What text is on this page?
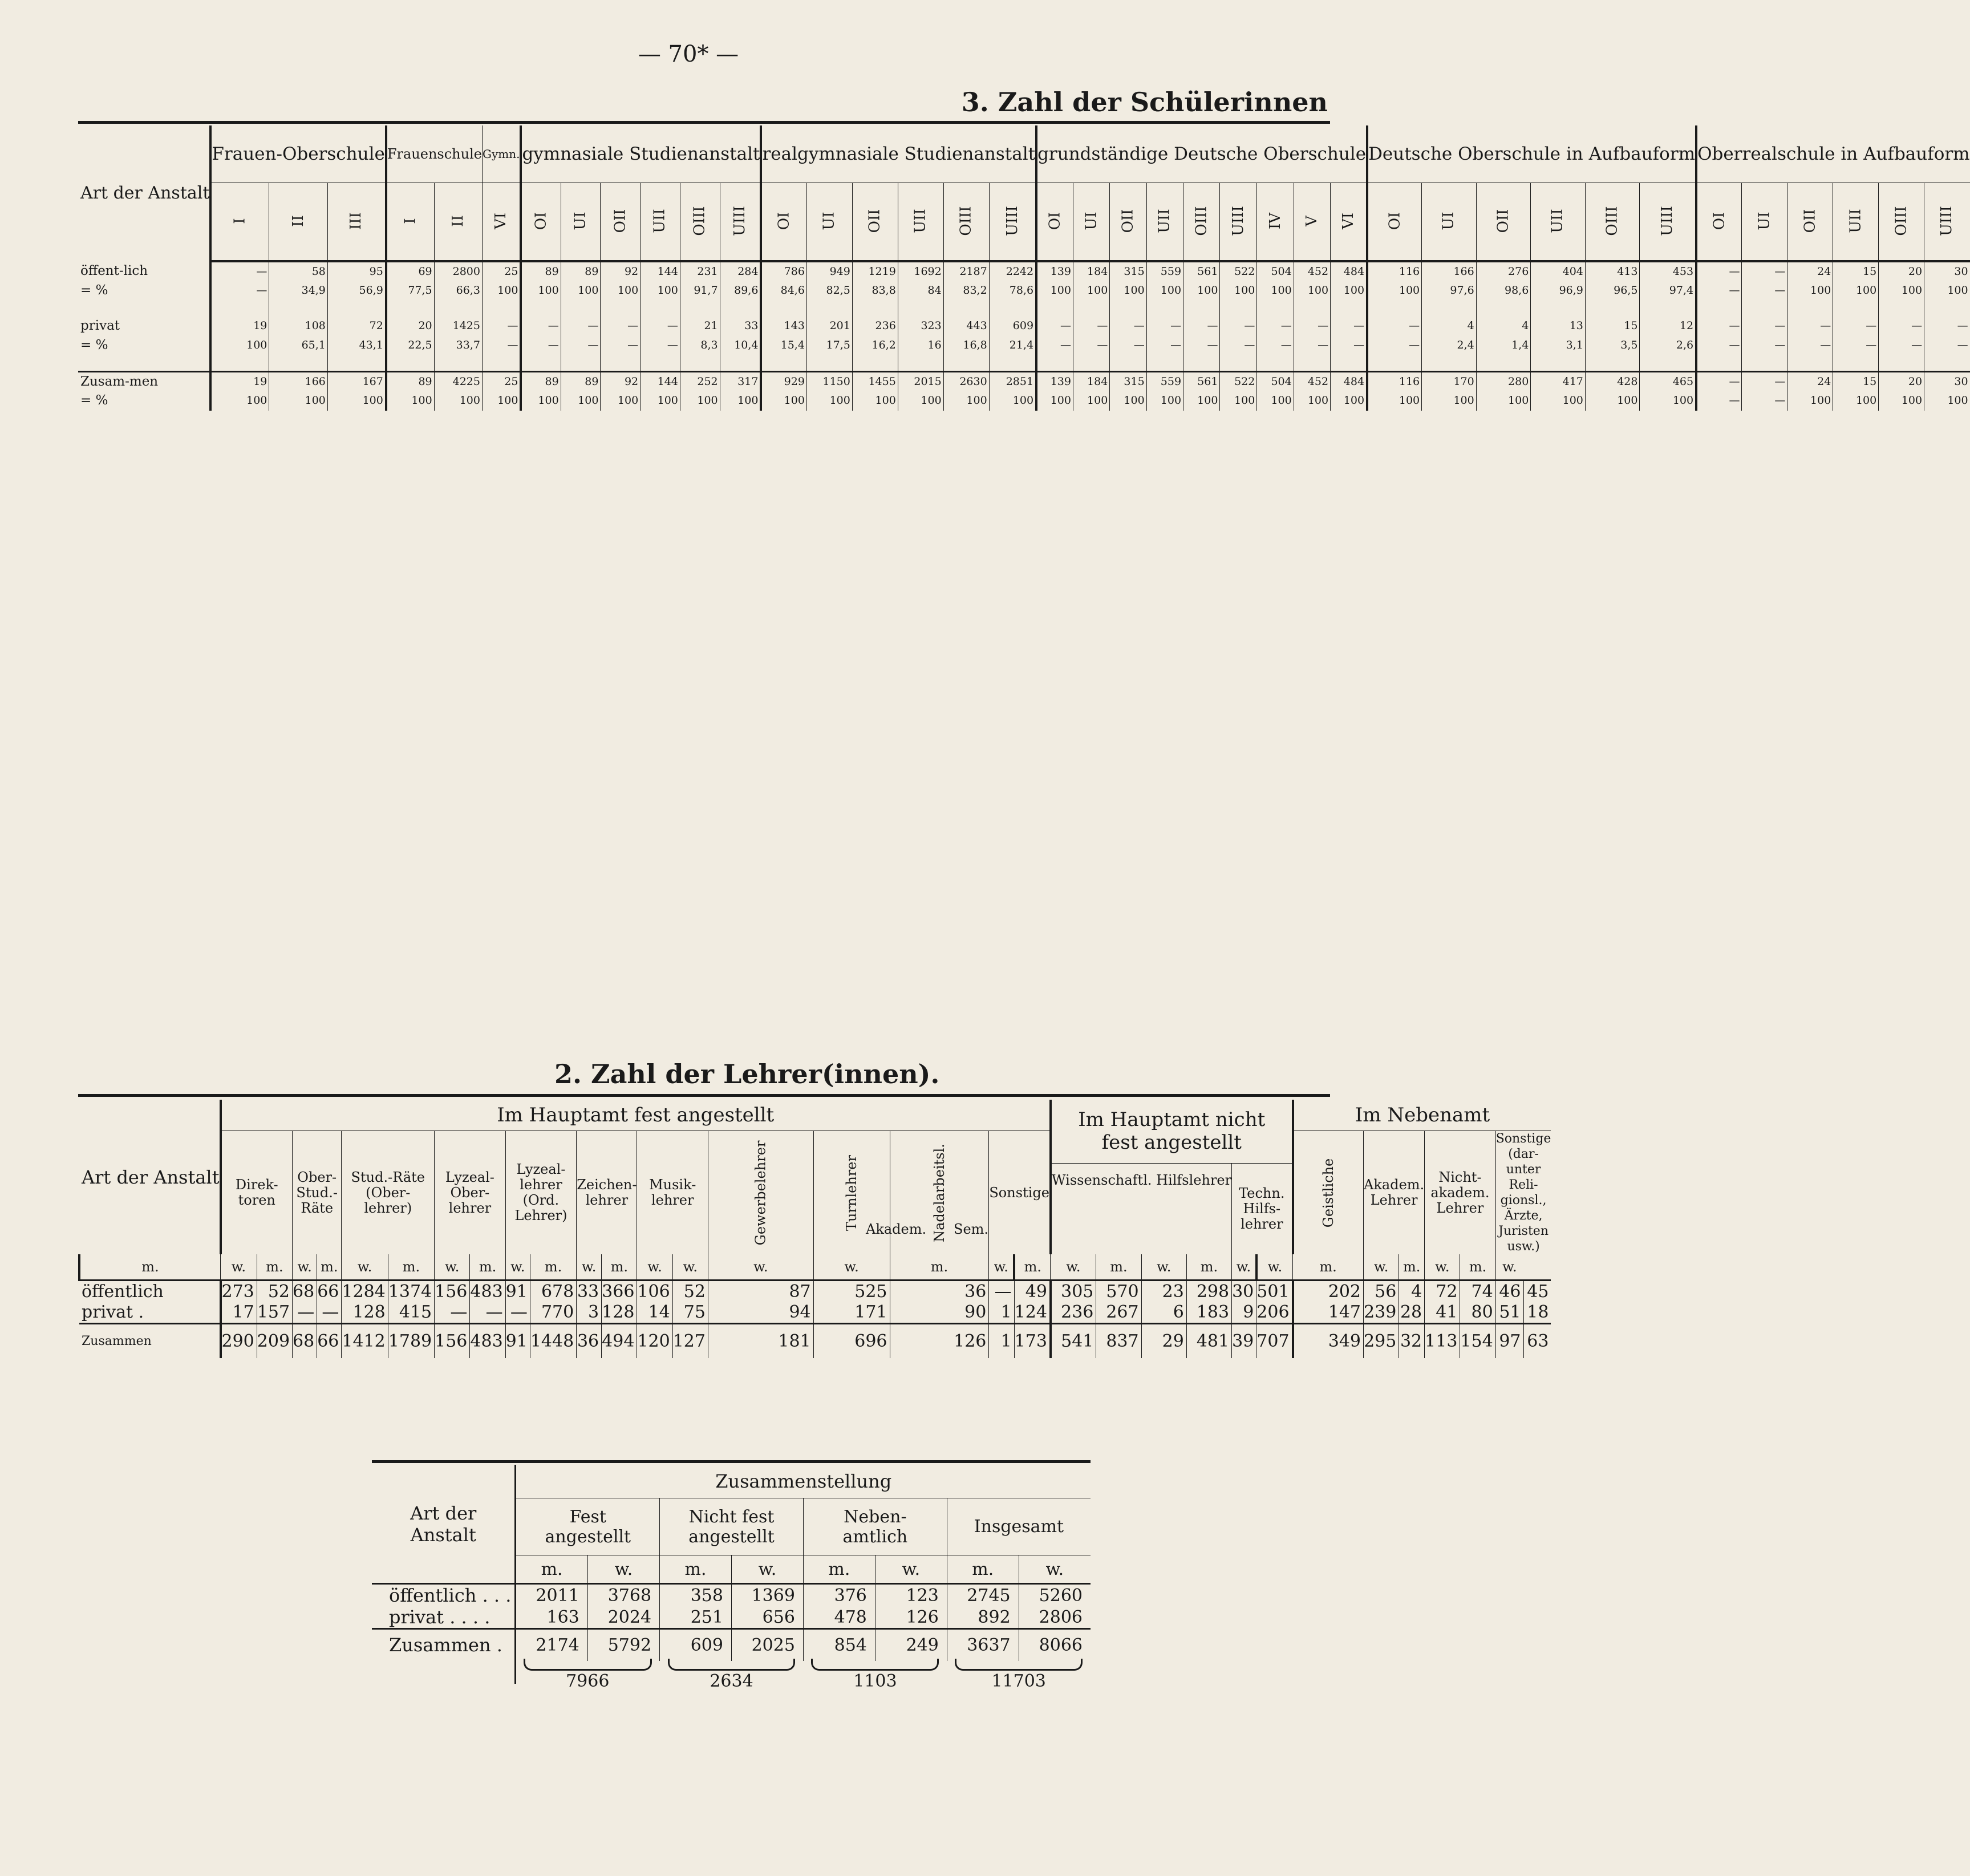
— 70* —
3. Zahl der Schülerinnen
Art der Anstalt	Frauen-Oberschule			Frauenschule		Gymn.	gymnasiale Studienanstalt						realgymnasiale Studienanstalt						grundständige Deutsche Oberschule									Deutsche Oberschule in Aufbauform						Oberrealschule in Aufbauform					
	I	II	III	I	II	VI	OI	UI	OII	UII	OIII	UIII	OI	UI	OII	UII	OIII	UIII	OI	UI	OII	UII	OIII	UIII	IV	V	VI	OI	UI	OII	UII	OIII	UIII	OI	UI	OII	UII	OIII	UIII
öffent-lich	—	58	95	69	2800	25	89	89	92	144	231	284	786	949	1219	1692	2187	2242	139	184	315	559	561	522	504	452	484	116	166	276	404	413	453	—	—	24	15	20	30
= %	—	34,9	56,9	77,5	66,3	100	100	100	100	100	91,7	89,6	84,6	82,5	83,8	84	83,2	78,6	100	100	100	100	100	100	100	100	100	100	97,6	98,6	96,9	96,5	97,4	—	—	100	100	100	100

privat	19	108	72	20	1425	—	—	—	—	—	21	33	143	201	236	323	443	609	—	—	—	—	—	—	—	—	—	—	4	4	13	15	12	—	—	—	—	—	—
= %	100	65,1	43,1	22,5	33,7	—	—	—	—	—	8,3	10,4	15,4	17,5	16,2	16	16,8	21,4	—	—	—	—	—	—	—	—	—	—	2,4	1,4	3,1	3,5	2,6	—	—	—	—	—	—

Zusam-men	19	166	167	89	4225	25	89	89	92	144	252	317	929	1150	1455	2015	2630	2851	139	184	315	559	561	522	504	452	484	116	170	280	417	428	465	—	—	24	15	20	30
= %	100	100	100	100	100	100	100	100	100	100	100	100	100	100	100	100	100	100	100	100	100	100	100	100	100	100	100	100	100	100	100	100	100	—	—	100	100	100	100
2. Zahl der Lehrer(innen).
Art der Anstalt	Im Hauptamt fest angestellt																			Im Hauptamt nicht fest angestellt						Im Nebenamt						
	Direk-toren		Ober-Stud.-Räte		Stud.-Räte (Ober-lehrer)		Lyzeal-Ober-lehrer		Lyzeal-lehrer (Ord. Lehrer)		Zeichen-lehrer		Musik-lehrer		Gewerbelehrer	Turnlehrer	Nadelarbeitsl.	Sonstige								Geistliche	Akadem. Lehrer		Nicht-akadem. Lehrer		Sonstige (dar-unter Reli-gionsl., Ärzte, Juristen usw.)	
																				Wissenschaftl. Hilfslehrer				Techn. Hilfs-lehrer								
m.	w.	m.	w.	m.	w.	m.	w.	m.	w.	m.	w.	m.	w.	w.	w.	w.	m.	w.	m.	w.	m.	w.	m.	w.	w.	m.	w.	m.	w.	m.	w.	
öffentlich	273	52	68	66	1284	1374	156	483	91	678	33	366	106	52	87	525	36	—	49	305	570	23	298	30	501	202	56	4	72	74	46	45
privat .	17	157	—	—	128	415	—	—	—	770	3	128	14	75	94	171	90	1	124	236	267	6	183	9	206	147	239	28	41	80	51	18
Zusammen	290	209	68	66	1412	1789	156	483	91	1448	36	494	120	127	181	696	126	1	173	541	837	29	481	39	707	349	295	32	113	154	97	63
Akadem. Sem.
Art der Anstalt	Zusammenstellung							
	Fest angestellt		Nicht fest angestellt		Neben-amtlich		Insgesamt	
	m.	w.	m.	w.	m.	w.	m.	w.
öffentlich . . .	2011	3768	358	1369	376	123	2745	5260
privat . . . .	163	2024	251	656	478	126	892	2806
Zusammen .	2174	5792	609	2025	854	249	3637	8066

7966	2634	1103	11703
